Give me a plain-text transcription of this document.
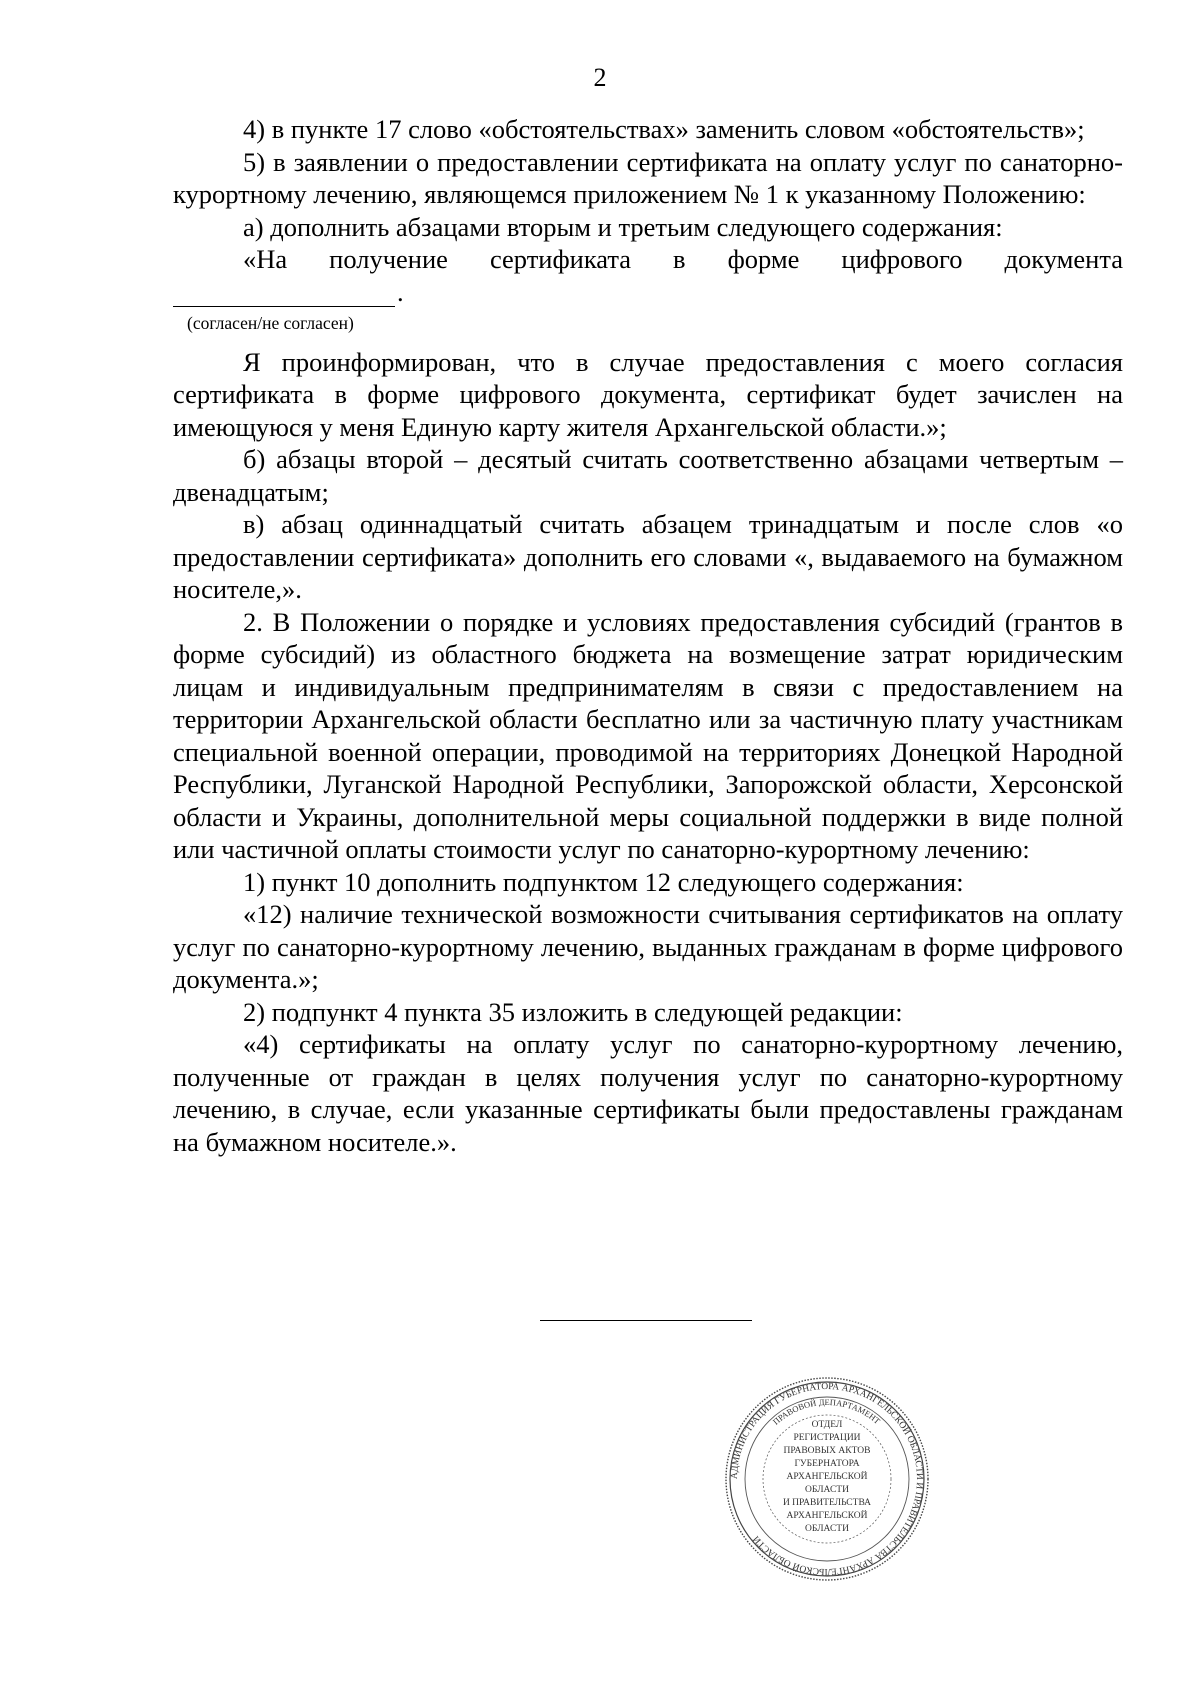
2

4) в пункте 17 слово «обстоятельствах» заменить словом «обстоятельств»;

5) в заявлении о предоставлении сертификата на оплату услуг по санаторно-курортному лечению, являющемся приложением № 1 к указанному Положению:

а) дополнить абзацами вторым и третьим следующего содержания:

«На получение сертификата в форме цифрового документа

.
(согласен/не согласен)

Я проинформирован, что в случае предоставления с моего согласия сертификата в форме цифрового документа, сертификат будет зачислен на имеющуюся у меня Единую карту жителя Архангельской области.»;

б) абзацы второй – десятый считать соответственно абзацами четвертым – двенадцатым;

в) абзац одиннадцатый считать абзацем тринадцатым и после слов «о предоставлении сертификата» дополнить его словами «, выдаваемого на бумажном носителе,».

2. В Положении о порядке и условиях предоставления субсидий (грантов в форме субсидий) из областного бюджета на возмещение затрат юридическим лицам и индивидуальным предпринимателям в связи с предоставлением на территории Архангельской области бесплатно или за частичную плату участникам специальной военной операции, проводимой на территориях Донецкой Народной Республики, Луганской Народной Республики, Запорожской области, Херсонской области и Украины, дополнительной меры социальной поддержки в виде полной или частичной оплаты стоимости услуг по санаторно-курортному лечению:

1) пункт 10 дополнить подпунктом 12 следующего содержания:

«12) наличие технической возможности считывания сертификатов на оплату услуг по санаторно-курортному лечению, выданных гражданам в форме цифрового документа.»;

2) подпункт 4 пункта 35 изложить в следующей редакции:

«4) сертификаты на оплату услуг по санаторно-курортному лечению, полученные от граждан в целях получения услуг по санаторно-курортному лечению, в случае, если указанные сертификаты были предоставлены гражданам на бумажном носителе.».

АДМИНИСТРАЦИЯ ГУБЕРНАТОРА АРХАНГЕЛЬСКОЙ ОБЛАСТИ И ПРАВИТЕЛЬСТВА АРХАНГЕЛЬСКОЙ ОБЛАСТИ
ПРАВОВОЙ ДЕПАРТАМЕНТ
ОТДЕЛ
РЕГИСТРАЦИИ
ПРАВОВЫХ АКТОВ
ГУБЕРНАТОРА
АРХАНГЕЛЬСКОЙ
ОБЛАСТИ
И ПРАВИТЕЛЬСТВА
АРХАНГЕЛЬСКОЙ
ОБЛАСТИ
